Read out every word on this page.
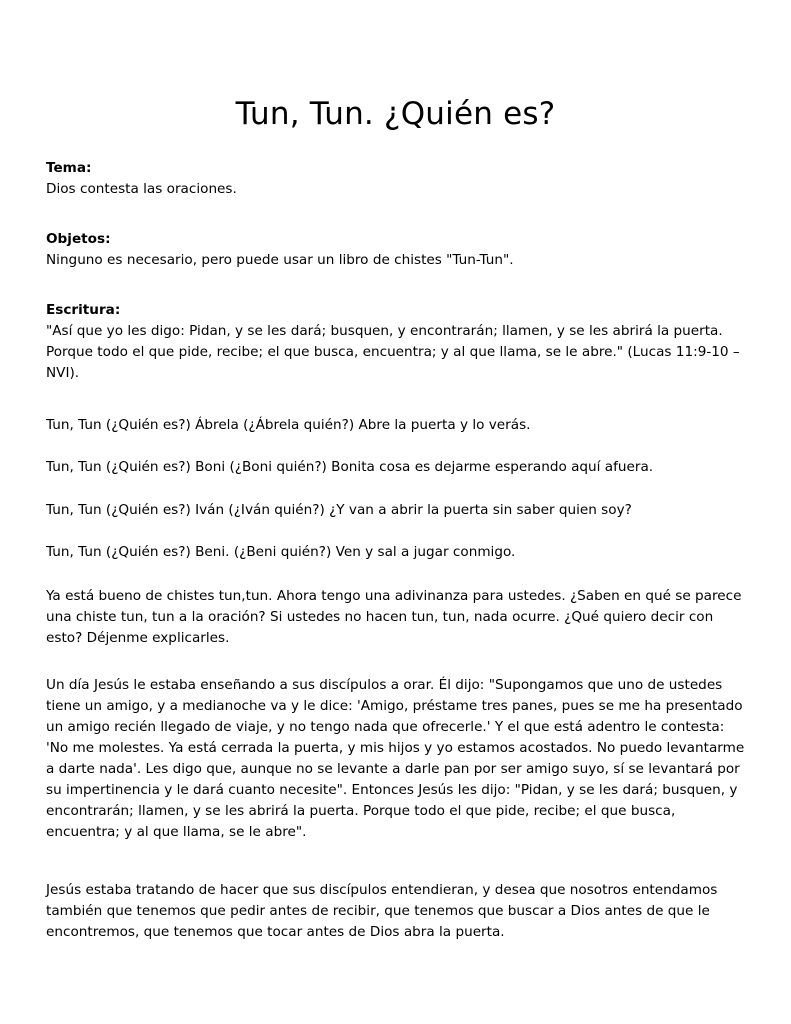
Tun, Tun. ¿Quién es?
Tema:
Dios contesta las oraciones.
Objetos:
Ninguno es necesario, pero puede usar un libro de chistes "Tun-Tun".
Escritura:
"Así que yo les digo: Pidan, y se les dará; busquen, y encontrarán; llamen, y se les abrirá la puerta. Porque todo el que pide, recibe; el que busca, encuentra; y al que llama, se le abre." (Lucas 11:9-10 – NVI).

Tun, Tun (¿Quién es?) Ábrela (¿Ábrela quién?) Abre la puerta y lo verás.

Tun, Tun (¿Quién es?) Boni (¿Boni quién?) Bonita cosa es dejarme esperando aquí afuera.

Tun, Tun (¿Quién es?) Iván (¿Iván quién?) ¿Y van a abrir la puerta sin saber quien soy?

Tun, Tun (¿Quién es?) Beni. (¿Beni quién?) Ven y sal a jugar conmigo.

Ya está bueno de chistes tun,tun. Ahora tengo una adivinanza para ustedes. ¿Saben en qué se parece una chiste tun, tun a la oración? Si ustedes no hacen tun, tun, nada ocurre. ¿Qué quiero decir con esto? Déjenme explicarles.

Un día Jesús le estaba enseñando a sus discípulos a orar. Él dijo: "Supongamos que uno de ustedes tiene un amigo, y a medianoche va y le dice: 'Amigo, préstame tres panes, pues se me ha presentado un amigo recién llegado de viaje, y no tengo nada que ofrecerle.' Y el que está adentro le contesta: 'No me molestes. Ya está cerrada la puerta, y mis hijos y yo estamos acostados. No puedo levantarme a darte nada'. Les digo que, aunque no se levante a darle pan por ser amigo suyo, sí se levantará por su impertinencia y le dará cuanto necesite". Entonces Jesús les dijo: "Pidan, y se les dará; busquen, y encontrarán; llamen, y se les abrirá la puerta. Porque todo el que pide, recibe; el que busca, encuentra; y al que llama, se le abre".

Jesús estaba tratando de hacer que sus discípulos entendieran, y desea que nosotros entendamos también que tenemos que pedir antes de recibir, que tenemos que buscar a Dios antes de que le encontremos, que tenemos que tocar antes de Dios abra la puerta.
